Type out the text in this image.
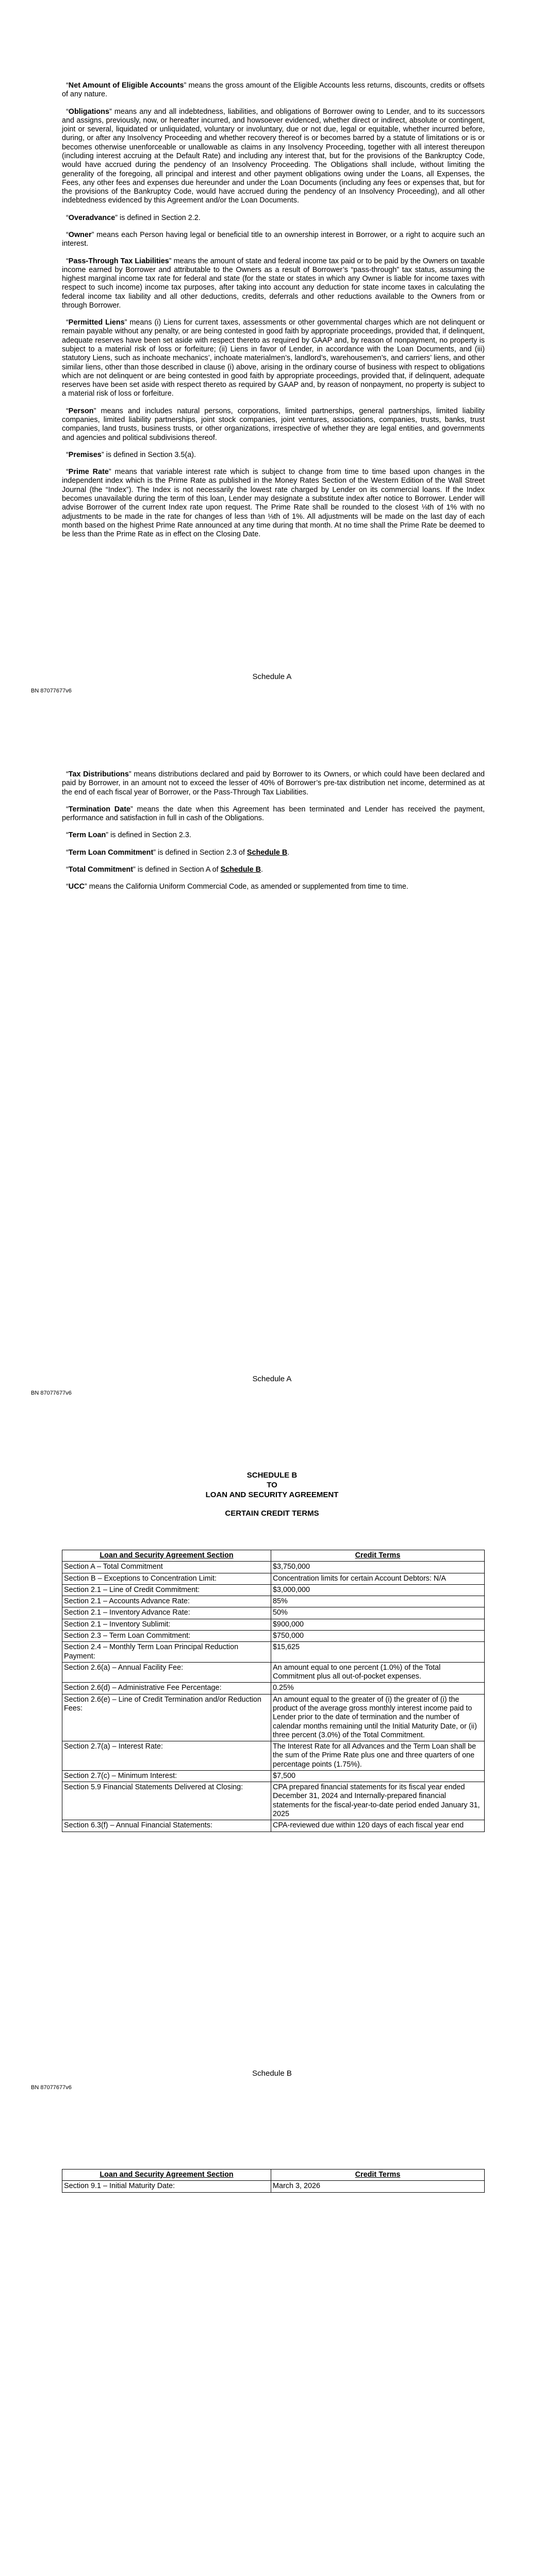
“Net Amount of Eligible Accounts” means the gross amount of the Eligible Accounts less returns, discounts, credits or offsets of any nature.

“Obligations” means any and all indebtedness, liabilities, and obligations of Borrower owing to Lender, and to its successors and assigns, previously, now, or hereafter incurred, and howsoever evidenced, whether direct or indirect, absolute or contingent, joint or several, liquidated or unliquidated, voluntary or involuntary, due or not due, legal or equitable, whether incurred before, during, or after any Insolvency Proceeding and whether recovery thereof is or becomes barred by a statute of limitations or is or becomes otherwise unenforceable or unallowable as claims in any Insolvency Proceeding, together with all interest thereupon (including interest accruing at the Default Rate) and including any interest that, but for the provisions of the Bankruptcy Code, would have accrued during the pendency of an Insolvency Proceeding. The Obligations shall include, without limiting the generality of the foregoing, all principal and interest and other payment obligations owing under the Loans, all Expenses, the Fees, any other fees and expenses due hereunder and under the Loan Documents (including any fees or expenses that, but for the provisions of the Bankruptcy Code, would have accrued during the pendency of an Insolvency Proceeding), and all other indebtedness evidenced by this Agreement and/or the Loan Documents.

“Overadvance” is defined in Section 2.2.

“Owner” means each Person having legal or beneficial title to an ownership interest in Borrower, or a right to acquire such an interest.

“Pass-Through Tax Liabilities” means the amount of state and federal income tax paid or to be paid by the Owners on taxable income earned by Borrower and attributable to the Owners as a result of Borrower’s “pass-through” tax status, assuming the highest marginal income tax rate for federal and state (for the state or states in which any Owner is liable for income taxes with respect to such income) income tax purposes, after taking into account any deduction for state income taxes in calculating the federal income tax liability and all other deductions, credits, deferrals and other reductions available to the Owners from or through Borrower.

“Permitted Liens” means (i) Liens for current taxes, assessments or other governmental charges which are not delinquent or remain payable without any penalty, or are being contested in good faith by appropriate proceedings, provided that, if delinquent, adequate reserves have been set aside with respect thereto as required by GAAP and, by reason of nonpayment, no property is subject to a material risk of loss or forfeiture; (ii) Liens in favor of Lender, in accordance with the Loan Documents, and (iii) statutory Liens, such as inchoate mechanics’, inchoate materialmen’s, landlord’s, warehousemen’s, and carriers’ liens, and other similar liens, other than those described in clause (i) above, arising in the ordinary course of business with respect to obligations which are not delinquent or are being contested in good faith by appropriate proceedings, provided that, if delinquent, adequate reserves have been set aside with respect thereto as required by GAAP and, by reason of nonpayment, no property is subject to a material risk of loss or forfeiture.

“Person” means and includes natural persons, corporations, limited partnerships, general partnerships, limited liability companies, limited liability partnerships, joint stock companies, joint ventures, associations, companies, trusts, banks, trust companies, land trusts, business trusts, or other organizations, irrespective of whether they are legal entities, and governments and agencies and political subdivisions thereof.

“Premises” is defined in Section 3.5(a).

“Prime Rate” means that variable interest rate which is subject to change from time to time based upon changes in the independent index which is the Prime Rate as published in the Money Rates Section of the Western Edition of the Wall Street Journal (the “Index”). The Index is not necessarily the lowest rate charged by Lender on its commercial loans. If the Index becomes unavailable during the term of this loan, Lender may designate a substitute index after notice to Borrower. Lender will advise Borrower of the current Index rate upon request. The Prime Rate shall be rounded to the closest ⅛th of 1% with no adjustments to be made in the rate for changes of less than ⅛th of 1%. All adjustments will be made on the last day of each month based on the highest Prime Rate announced at any time during that month. At no time shall the Prime Rate be deemed to be less than the Prime Rate as in effect on the Closing Date.

Schedule A
BN 87077677v6

“Tax Distributions” means distributions declared and paid by Borrower to its Owners, or which could have been declared and paid by Borrower, in an amount not to exceed the lesser of 40% of Borrower’s pre-tax distribution net income, determined as at the end of each fiscal year of Borrower, or the Pass-Through Tax Liabilities.

“Termination Date” means the date when this Agreement has been terminated and Lender has received the payment, performance and satisfaction in full in cash of the Obligations.

“Term Loan” is defined in Section 2.3.

“Term Loan Commitment” is defined in Section 2.3 of Schedule B.

“Total Commitment” is defined in Section A of Schedule B.

“UCC” means the California Uniform Commercial Code, as amended or supplemented from time to time.

Schedule A
BN 87077677v6
SCHEDULE B
TO
LOAN AND SECURITY AGREEMENT
CERTAIN CREDIT TERMS
Loan and Security Agreement Section	Credit Terms
Section A – Total Commitment	$3,750,000
Section B – Exceptions to Concentration Limit:	Concentration limits for certain Account Debtors: N/A
Section 2.1 – Line of Credit Commitment:	$3,000,000
Section 2.1 – Accounts Advance Rate:	85%
Section 2.1 – Inventory Advance Rate:	50%
Section 2.1 – Inventory Sublimit:	$900,000
Section 2.3 – Term Loan Commitment:	$750,000
Section 2.4 – Monthly Term Loan Principal Reduction Payment:	$15,625
Section 2.6(a) – Annual Facility Fee:	An amount equal to one percent (1.0%) of the Total Commitment plus all out-of-pocket expenses.
Section 2.6(d) – Administrative Fee Percentage:	0.25%
Section 2.6(e) – Line of Credit Termination and/or Reduction Fees:	An amount equal to the greater of (i) the greater of (i) the product of the average gross monthly interest income paid to Lender prior to the date of termination and the number of calendar months remaining until the Initial Maturity Date, or (ii) three percent (3.0%) of the Total Commitment.
Section 2.7(a) – Interest Rate:	The Interest Rate for all Advances and the Term Loan shall be the sum of the Prime Rate plus one and three quarters of one percentage points (1.75%).
Section 2.7(c) – Minimum Interest:	$7,500
Section 5.9 Financial Statements Delivered at Closing:	CPA prepared financial statements for its fiscal year ended December 31, 2024 and Internally-prepared financial statements for the fiscal-year-to-date period ended January 31, 2025
Section 6.3(f) – Annual Financial Statements:	CPA-reviewed due within 120 days of each fiscal year end
Schedule B
BN 87077677v6
Loan and Security Agreement Section	Credit Terms
Section 9.1 – Initial Maturity Date:	March 3, 2026
